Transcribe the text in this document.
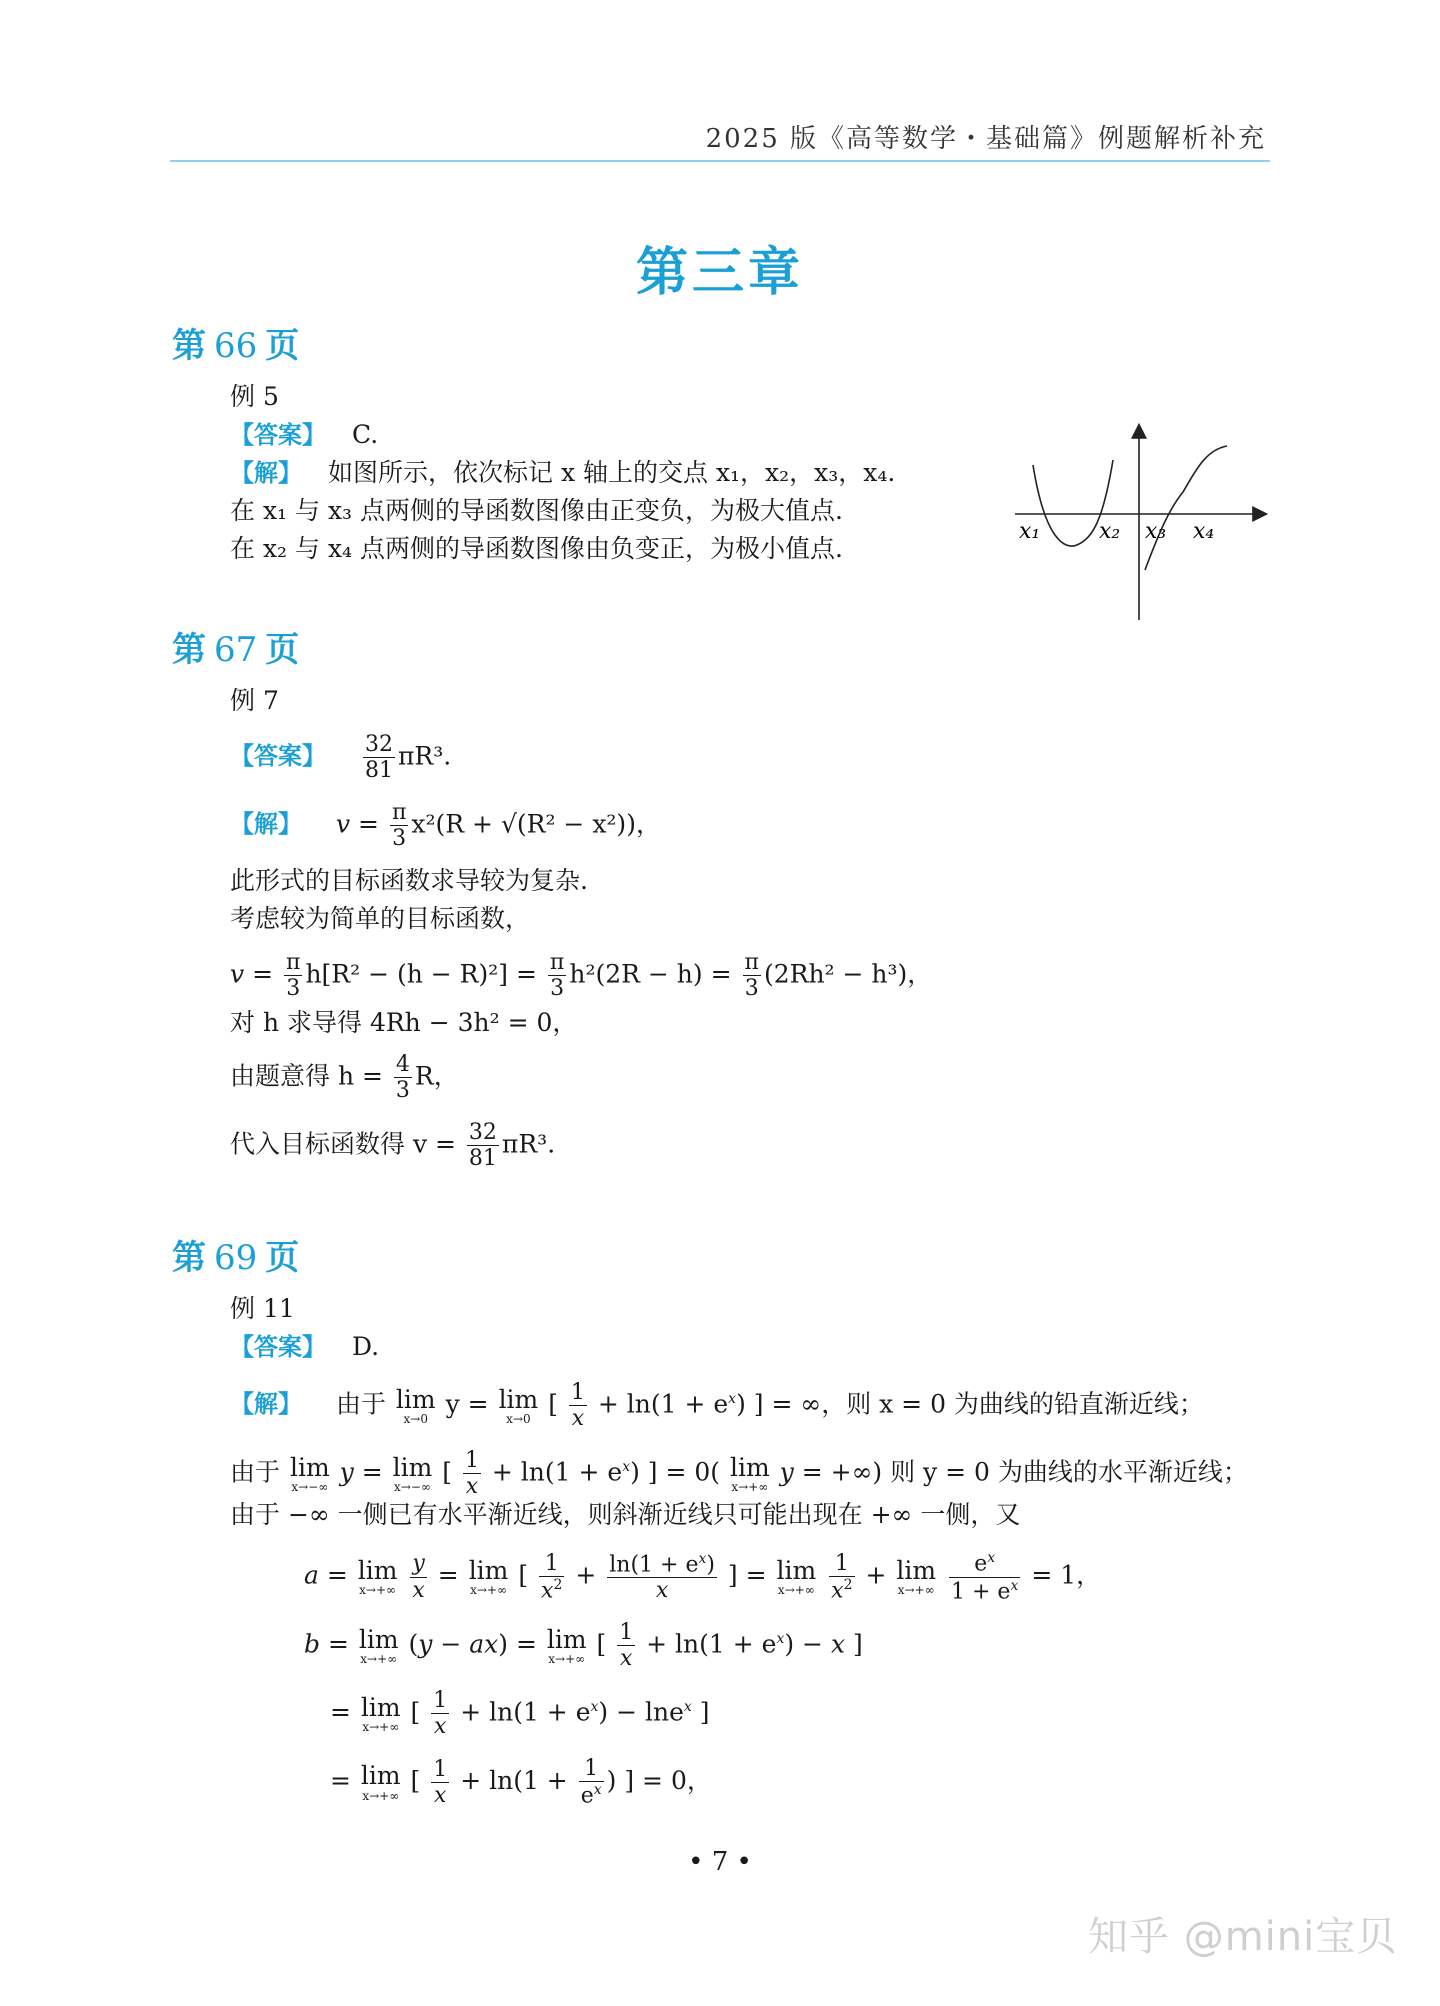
2025 版《高等数学・基础篇》例题解析补充
第三章
第 66 页
例 5
【答案】 C.
【解】 如图所示，依次标记 x 轴上的交点 x₁，x₂，x₃，x₄.
在 x₁ 与 x₃ 点两侧的导函数图像由正变负，为极大值点.
在 x₂ 与 x₄ 点两侧的导函数图像由负变正，为极小值点.
x₁	x₂ x₃ x₄
第 67 页
例 7
【答案】 $\frac{32}{81} \pi R^3$.
【解】 $v = \frac{\pi}{3} x^2(R + √(R^2 - x^2))$，
此形式的目标函数求导较为复杂.
考虑较为简单的目标函数，
$v = \frac{\pi}{3} h[R^2 - (h - R)^2] = \frac{\pi}{3} h^2(2R - h) = \frac{\pi}{3} (2Rh^2 - h^3)$，
对 h 求导得 4Rh − 3h² = 0，
由题意得 $h = \frac{4}{3}$ R，
代入目标函数得 $v = \frac{32}{81} \pi R^3$.
第 69 页
例 11
【答案】 D.
【解】 由于 lim
x→0
y = lim
x→0
[ $\frac{1}{x} + \ln(1 + e^x)$ ] = ∞，则 x = 0 为曲线的铅直渐近线；
由于 lim
x→−∞
y = lim
x→−∞
[ $\frac{1}{x} + \ln(1 + e^x)$ ] = 0( lim
x→+∞
y = +∞) 则 y = 0 为曲线的水平渐近线；
由于 −∞ 一侧已有水平渐近线，则斜渐近线只可能出现在 +∞ 一侧，又
a = lim
x→+∞
$\frac{y}{x} = \lim$
x→+∞
[ $\frac{1}{x^2} + \frac{\ln(1 + e^x)}{x}$ ] = lim
x→+∞
$\frac{1}{x^2} + \lim$
x→+∞
$\frac{e^x}{1 + e^x} = 1$，
b = lim
x→+∞
(y − ax) = lim
x→+∞
[ $\frac{1}{x} + \ln(1 + e^x) - x$ ]
= lim
x→+∞
[ $\frac{1}{x} + \ln(1 + e^x) - \ln e^x$ ]
= lim
x→+∞
[ $\frac{1}{x} + \ln(1 + \frac{1}{e^x}$ ) ] = 0，
• 7 •
知乎 @mini宝贝
